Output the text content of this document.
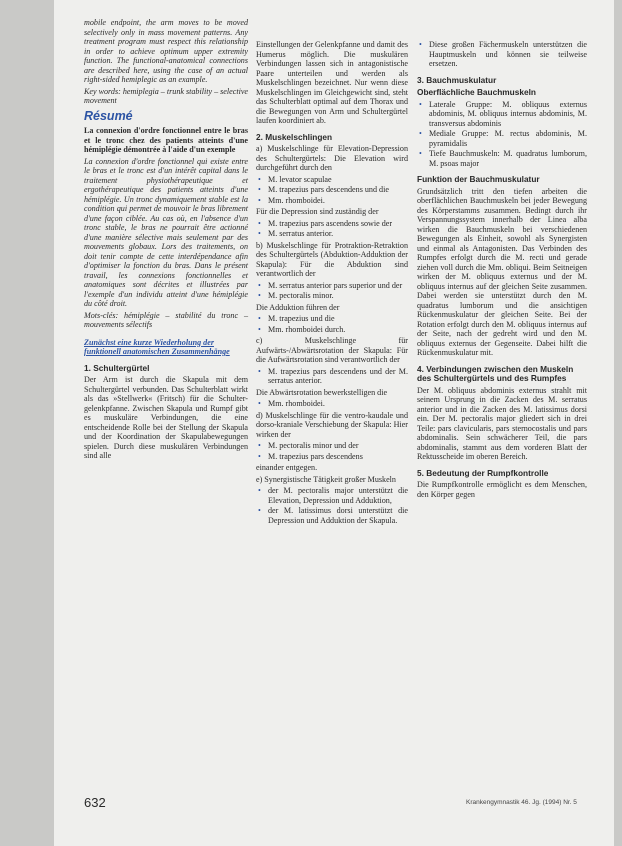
mobile endpoint, the arm moves to be moved selectively only in mass movement patterns. Any treatment program must respect this relationship in order to achieve optimum upper extremity function. The functional-anatomical connections are described here, using the case of an actual right-sided hemiplegic as an example.

Key words: hemiplegia – trunk stability – selective movement

Résumé

La connexion d'ordre fonctionnel entre le bras et le tronc chez des patients atteints d'une hémiplégie démontrée à l'aide d'un exemple

La connexion d'ordre fonctionnel qui existe entre le bras et le tronc est d'un intérêt capital dans le traitement physiothérapeutique et ergothérapeutique des patients atteints d'une hémiplégie. Un tronc dynamiquement stable est la condition qui permet de mouvoir le bras librement d'une façon ciblée. Au cas où, en l'absence d'un tronc stable, le bras ne pourrait être actionné d'une manière sélective mais seulement par des mouvements globaux. Lors des traitements, on doit tenir compte de cette interdépendance afin d'optimiser la fonction du bras. Dans le présent travail, les connexions fonctionnelles et anatomiques sont décrites et illustrées par l'exemple d'un individu atteint d'une hémiplégie du côté droit.

Mots-clés: hémiplégie – stabilité du tronc – mouvements sélectifs

Zunächst eine kurze Wiederholung der funktionell anatomischen Zusammenhänge
1. Schultergürtel

Der Arm ist durch die Skapula mit dem Schultergürtel verbunden. Das Schulterblatt wirkt als das »Stellwerk« (Fritsch) für die Schulter-gelenkpfanne. Zwischen Skapula und Rumpf gibt es muskuläre Verbindungen, die eine entscheidende Rolle bei der Stellung der Skapula und der Koordination der Skapulabewegungen spielen. Durch diese muskulären Verbindungen sind alle

Einstellungen der Gelenkpfanne und damit des Humerus möglich. Die muskulären Verbindungen lassen sich in antagonistische Paare unterteilen und werden als Muskelschlingen bezeichnet. Nur wenn diese Muskelschlingen im Gleichgewicht sind, steht das Schulterblatt optimal auf dem Thorax und die Bewegungen von Arm und Schultergürtel laufen koordiniert ab.

2. Muskelschlingen
a) Muskelschlinge für Elevation-Depression des Schultergürtels: Die Elevation wird durchgeführt durch den
• M. levator scapulae
• M. trapezius pars descendens und die
• Mm. rhomboidei.

Für die Depression sind zuständig der

• M. trapezius pars ascendens sowie der
• M. serratus anterior.
b) Muskelschlinge für Protraktion-Retraktion des Schultergürtels (Abduktion-Adduktion der Skapula): Für die Abduktion sind verantwortlich der
• M. serratus anterior pars superior und der
• M. pectoralis minor.

Die Adduktion führen der

• M. trapezius und die
• Mm. rhomboidei durch.
c) Muskelschlinge für Aufwärts-/Abwärtsrotation der Skapula: Für die Aufwärtsrotation sind verantwortlich der
• M. trapezius pars descendens und der M. serratus anterior.

Die Abwärtsrotation bewerkstelligen die

• Mm. rhomboidei.
d) Muskelschlinge für die ventro-kaudale und dorso-kraniale Verschiebung der Skapula: Hier wirken der
• M. pectoralis minor und der
• M. trapezius pars descendens

einander entgegen.

e) Synergistische Tätigkeit großer Muskeln
• der M. pectoralis major unterstützt die Elevation, Depression und Adduktion,
• der M. latissimus dorsi unterstützt die Depression und Adduktion der Skapula.
• Diese großen Fächermuskeln unterstützen die Hauptmuskeln und können sie teilweise ersetzen.
3. Bauchmuskulatur
Oberflächliche Bauchmuskeln
• Laterale Gruppe: M. obliquus externus abdominis, M. obliquus internus abdominis, M. transversus abdominis
• Mediale Gruppe: M. rectus abdominis, M. pyramidalis
• Tiefe Bauchmuskeln: M. quadratus lumborum, M. psoas major
Funktion der Bauchmuskulatur

Grundsätzlich tritt den tiefen arbeiten die oberflächlichen Bauchmuskeln bei jeder Bewegung des Körperstamms zusammen. Bedingt durch ihr Verspannungssystem innerhalb der Linea alba wirken die Bauchmuskeln bei verschiedenen Bewegungen als Einheit, sowohl als Synergisten und einmal als Antagonisten. Das Verbinden des Rumpfes erfolgt durch die M. recti und gerade ziehen voll durch die Mm. obliqui. Beim Seitneigen wirken der M. obliquus externus und der M. obliquus internus auf der gleichen Seite zusammen. Dabei werden sie unterstützt durch den M. quadratus lumborum und die ansichtigen Rückenmuskulatur der gleichen Seite. Bei der Rotation erfolgt durch den M. obliquus internus auf der Seite, nach der gedreht wird und den M. obliquus externus der Gegenseite. Dabei hilft die Rückenmuskulatur mit.

4. Verbindungen zwischen den Muskeln des Schultergürtels und des Rumpfes

Der M. obliquus abdominis externus strahlt mit seinem Ursprung in die Zacken des M. serratus anterior und in die Zacken des M. latissimus dorsi ein. Der M. pectoralis major gliedert sich in drei Teile: pars clavicularis, pars sternocostalis und pars abdominalis. Sein schwächerer Teil, die pars abdominalis, stammt aus dem vorderen Blatt der Rektusscheide im oberen Bereich.

5. Bedeutung der Rumpfkontrolle

Die Rumpfkontrolle ermöglicht es dem Menschen, den Körper gegen

632	Krankengymnastik 46. Jg. (1994) Nr. 5
